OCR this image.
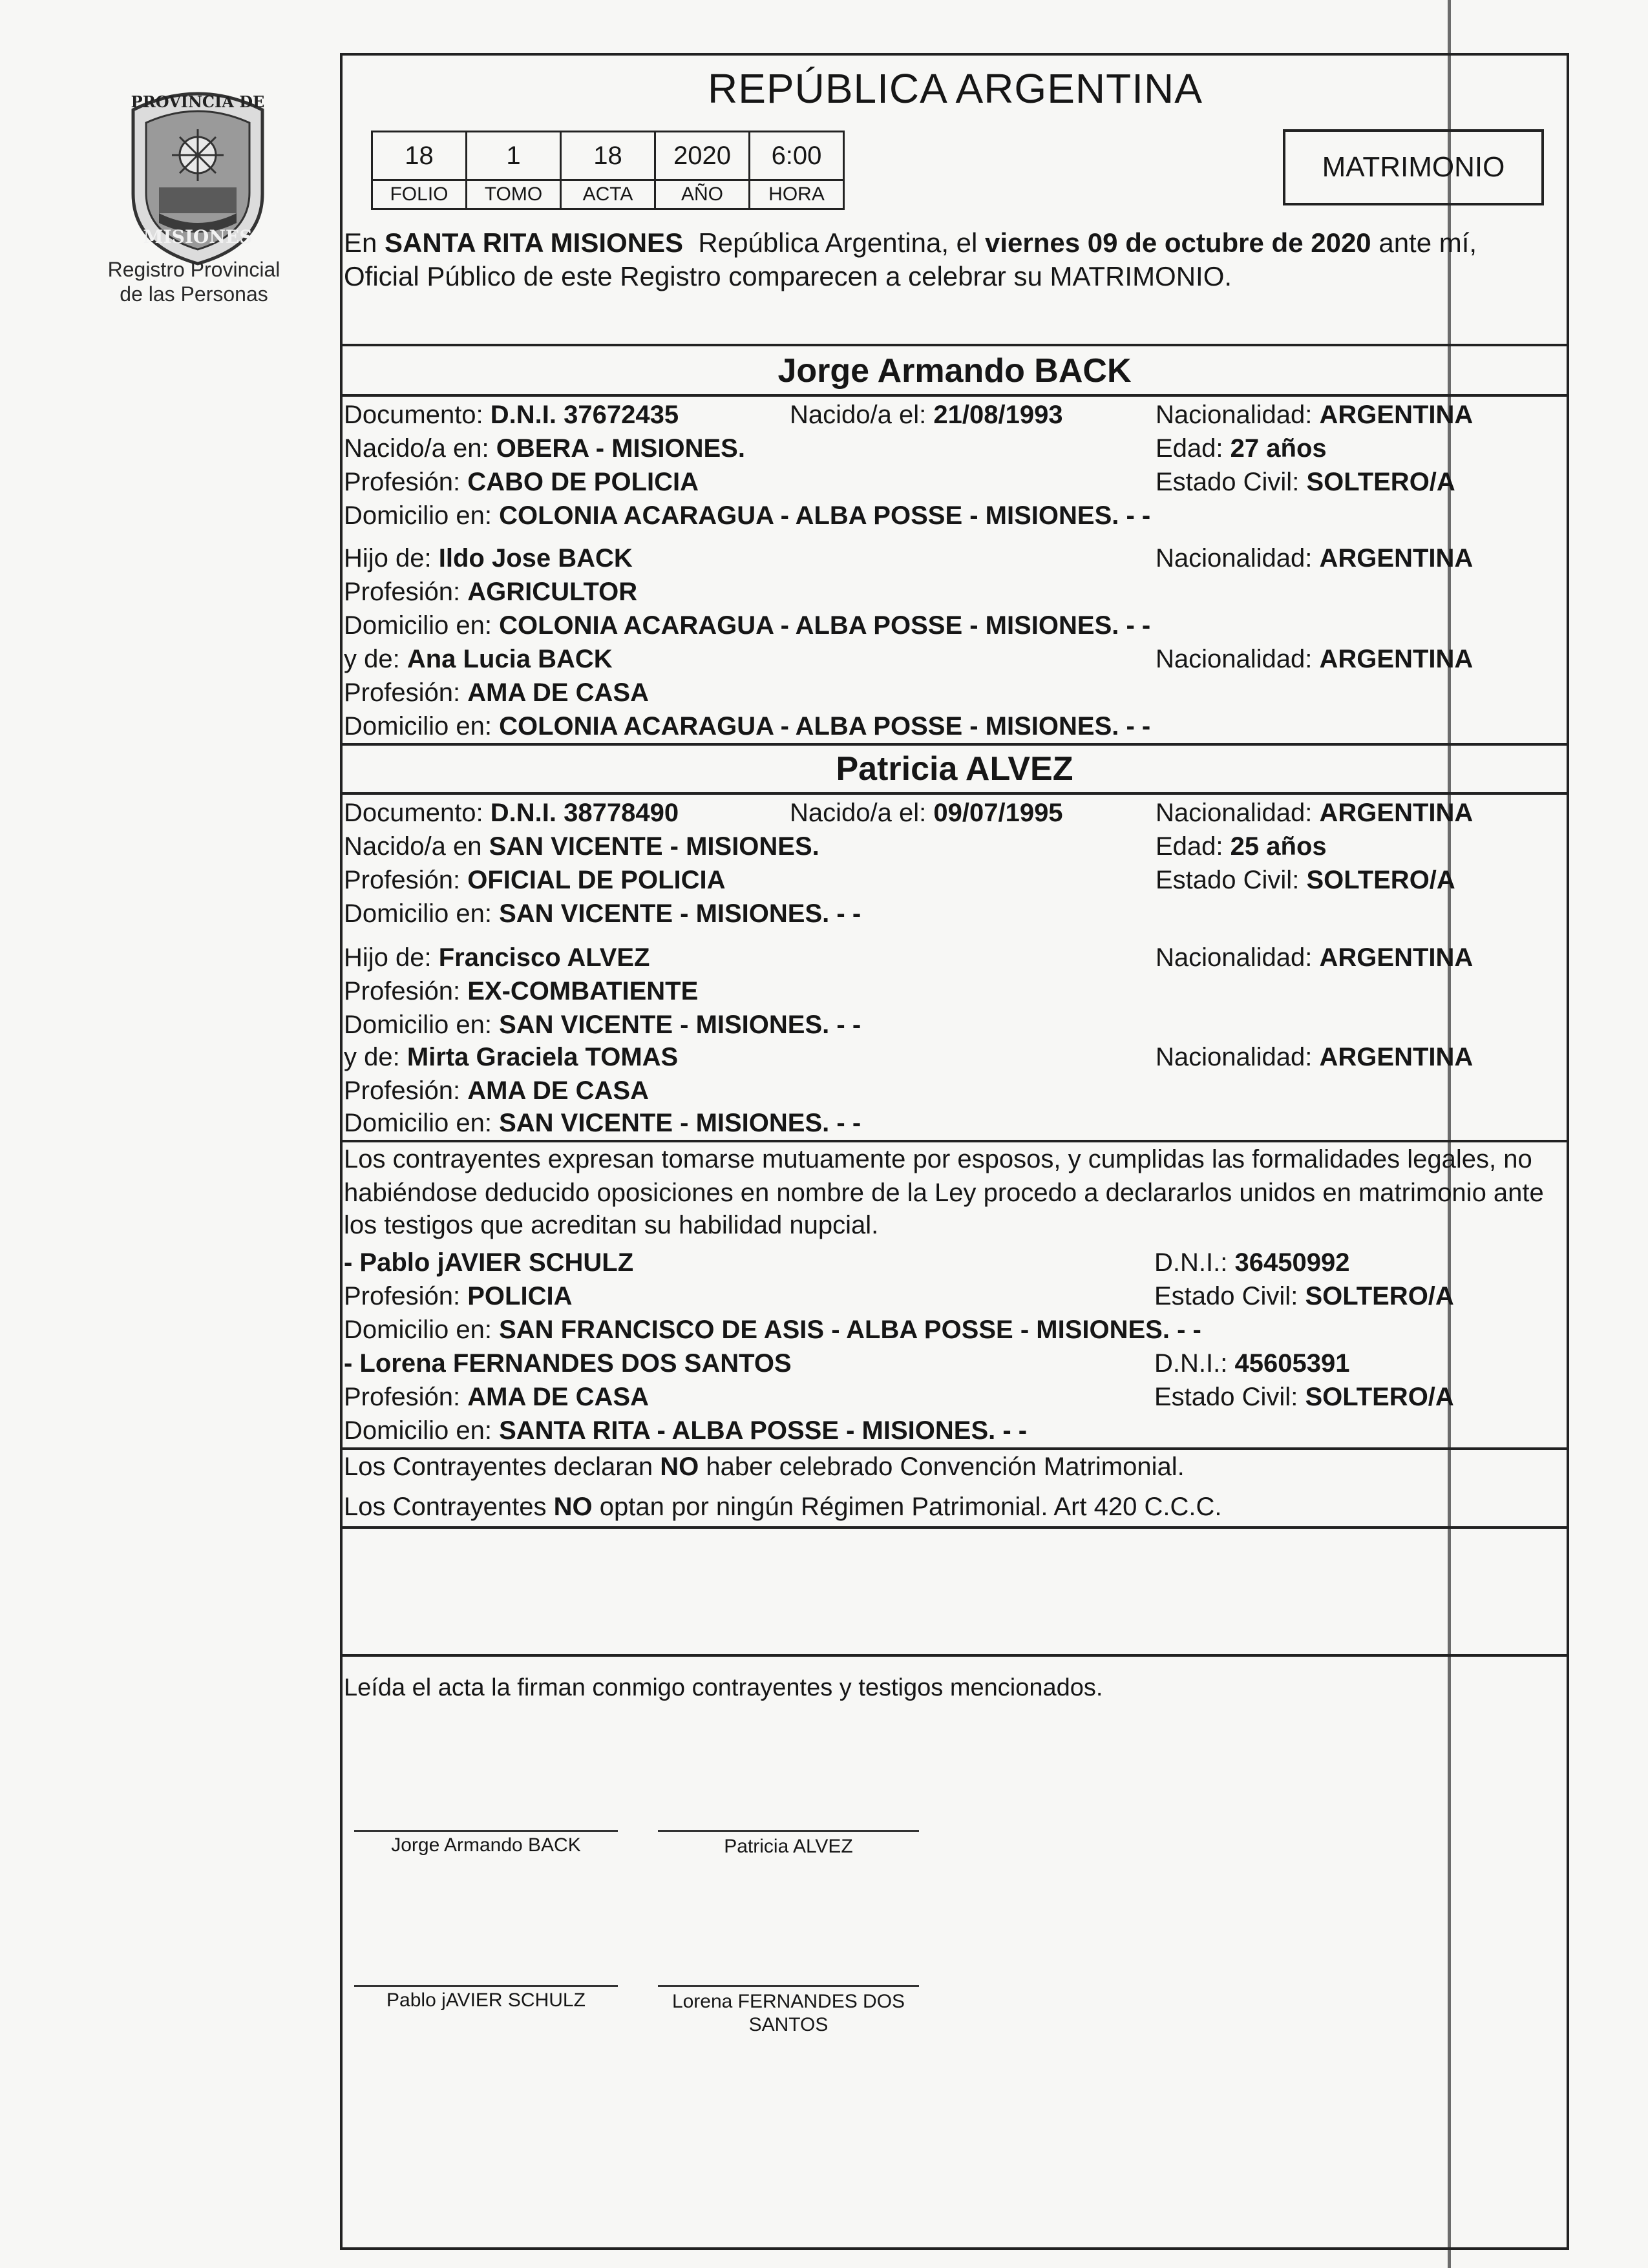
PROVINCIA DE
MISIONES
Registro Provincial
de las Personas
REPÚBLICA ARGENTINA
18	1	18	2020	6:00
FOLIO	TOMO	ACTA	AÑO	HORA
MATRIMONIO
En SANTA RITA MISIONES República Argentina, el viernes 09 de octubre de 2020 ante mí,
Oficial Público de este Registro comparecen a celebrar su MATRIMONIO.
Jorge Armando BACK
Documento: D.N.I. 37672435	Nacido/a el: 21/08/1993	Nacionalidad: ARGENTINA
Nacido/a en: OBERA - MISIONES.	Edad: 27 años
Profesión: CABO DE POLICIA	Estado Civil: SOLTERO/A
Domicilio en: COLONIA ACARAGUA - ALBA POSSE - MISIONES. - -
Hijo de: Ildo Jose BACK	Nacionalidad: ARGENTINA
Profesión: AGRICULTOR
Domicilio en: COLONIA ACARAGUA - ALBA POSSE - MISIONES. - -
y de: Ana Lucia BACK	Nacionalidad: ARGENTINA
Profesión: AMA DE CASA
Domicilio en: COLONIA ACARAGUA - ALBA POSSE - MISIONES. - -
Patricia ALVEZ
Documento: D.N.I. 38778490	Nacido/a el: 09/07/1995	Nacionalidad: ARGENTINA
Nacido/a en SAN VICENTE - MISIONES.	Edad: 25 años
Profesión: OFICIAL DE POLICIA	Estado Civil: SOLTERO/A
Domicilio en: SAN VICENTE - MISIONES. - -
Hijo de: Francisco ALVEZ	Nacionalidad: ARGENTINA
Profesión: EX-COMBATIENTE
Domicilio en: SAN VICENTE - MISIONES. - -
y de: Mirta Graciela TOMAS	Nacionalidad: ARGENTINA
Profesión: AMA DE CASA
Domicilio en: SAN VICENTE - MISIONES. - -
Los contrayentes expresan tomarse mutuamente por esposos, y cumplidas las formalidades legales, no
habiéndose deducido oposiciones en nombre de la Ley procedo a declararlos unidos en matrimonio ante
los testigos que acreditan su habilidad nupcial.
- Pablo jAVIER SCHULZ	D.N.I.: 36450992
Profesión: POLICIA	Estado Civil: SOLTERO/A
Domicilio en: SAN FRANCISCO DE ASIS - ALBA POSSE - MISIONES. - -
- Lorena FERNANDES DOS SANTOS	D.N.I.: 45605391
Profesión: AMA DE CASA	Estado Civil: SOLTERO/A
Domicilio en: SANTA RITA - ALBA POSSE - MISIONES. - -
Los Contrayentes declaran NO haber celebrado Convención Matrimonial.
Los Contrayentes NO optan por ningún Régimen Patrimonial. Art 420 C.C.C.
Leída el acta la firman conmigo contrayentes y testigos mencionados.
Jorge Armando BACK	Patricia ALVEZ
Pablo jAVIER SCHULZ	Lorena FERNANDES DOS
SANTOS
